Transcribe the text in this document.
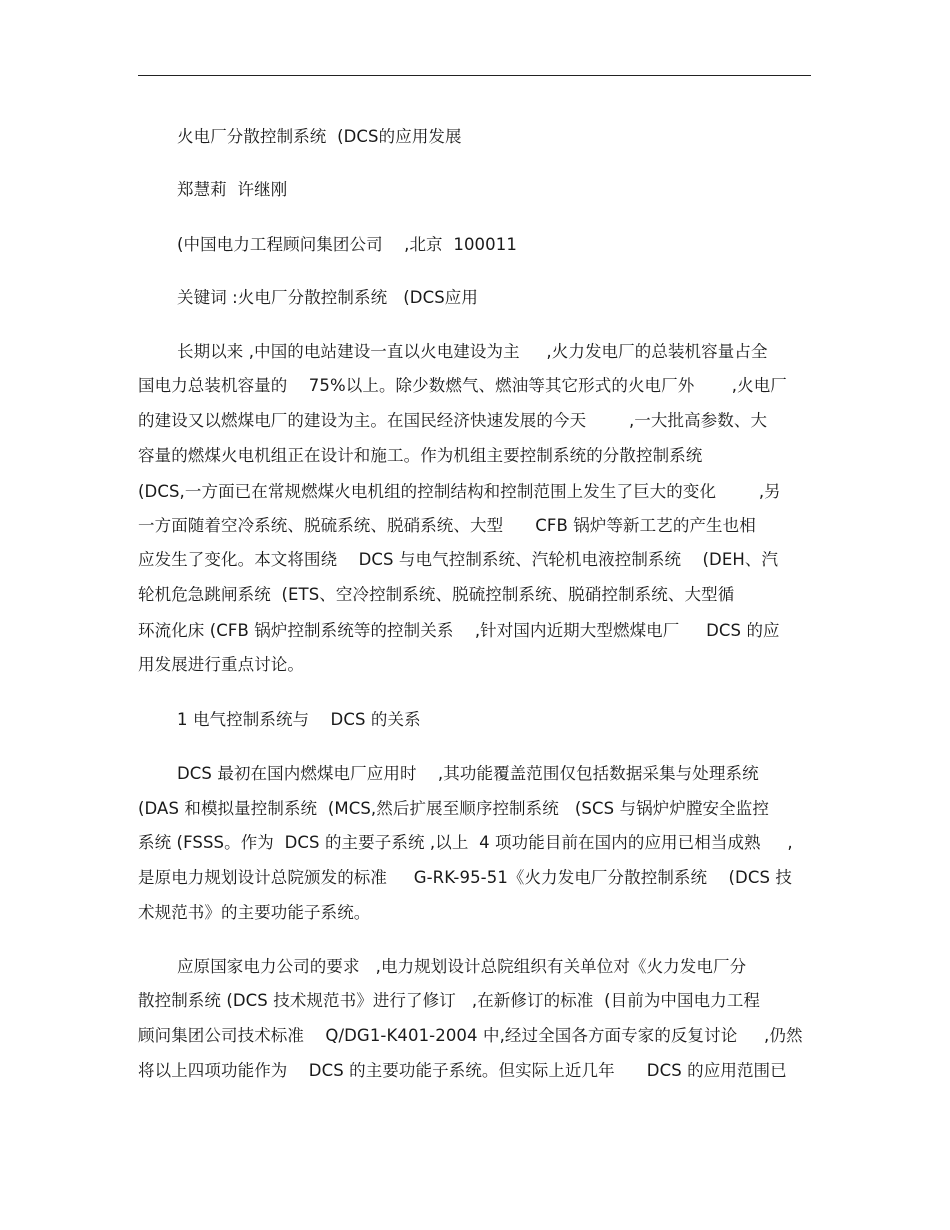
火电厂分散控制系统  (DCS的应用发展
郑慧莉  许继刚
(中国电力工程顾问集团公司    ,北京  100011
关键词 :火电厂分散控制系统   (DCS应用
长期以来 ,中国的电站建设一直以火电建设为主     ,火力发电厂的总装机容量占全
国电力总装机容量的    75%以上。除少数燃气、燃油等其它形式的火电厂外       ,火电厂
的建设又以燃煤电厂的建设为主。在国民经济快速发展的今天        ,一大批高参数、大
容量的燃煤火电机组正在设计和施工。作为机组主要控制系统的分散控制系统
(DCS,一方面已在常规燃煤火电机组的控制结构和控制范围上发生了巨大的变化        ,另
一方面随着空冷系统、脱硫系统、脱硝系统、大型      CFB 锅炉等新工艺的产生也相
应发生了变化。本文将围绕    DCS 与电气控制系统、汽轮机电液控制系统    (DEH、汽
轮机危急跳闸系统  (ETS、空冷控制系统、脱硫控制系统、脱硝控制系统、大型循
环流化床 (CFB 锅炉控制系统等的控制关系    ,针对国内近期大型燃煤电厂     DCS 的应
用发展进行重点讨论。
1 电气控制系统与    DCS 的关系
DCS 最初在国内燃煤电厂应用时    ,其功能覆盖范围仅包括数据采集与处理系统
(DAS 和模拟量控制系统  (MCS,然后扩展至顺序控制系统   (SCS 与锅炉炉膛安全监控
系统 (FSSS。作为  DCS 的主要子系统 ,以上  4 项功能目前在国内的应用已相当成熟     ,
是原电力规划设计总院颁发的标准     G-RK-95-51《火力发电厂分散控制系统    (DCS 技
术规范书》的主要功能子系统。
应原国家电力公司的要求   ,电力规划设计总院组织有关单位对《火力发电厂分
散控制系统 (DCS 技术规范书》进行了修订   ,在新修订的标准  (目前为中国电力工程
顾问集团公司技术标准    Q/DG1-K401-2004 中,经过全国各方面专家的反复讨论     ,仍然
将以上四项功能作为    DCS 的主要功能子系统。但实际上近几年      DCS 的应用范围已
